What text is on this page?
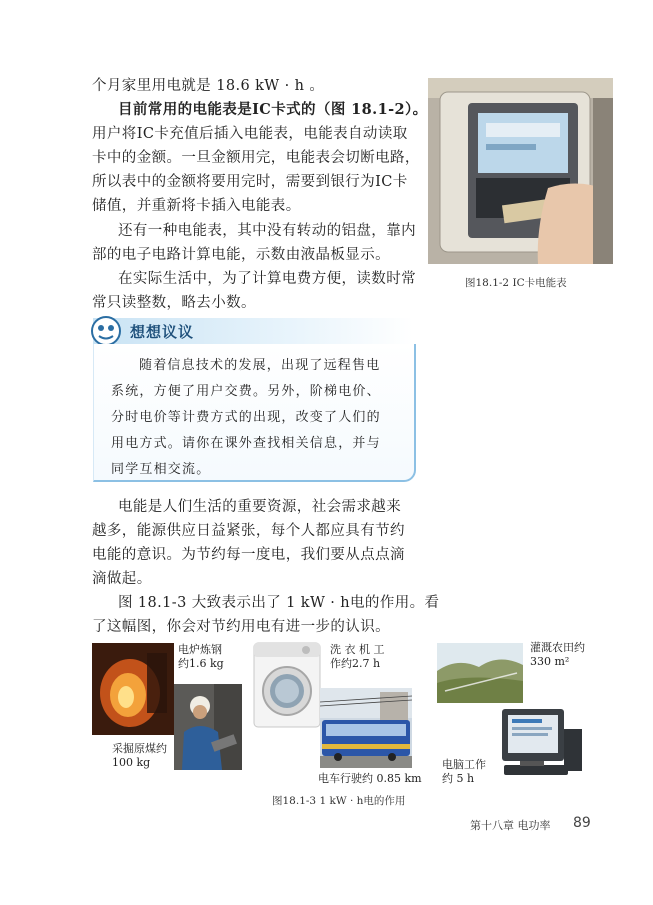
个月家里用电就是 18.6 kW · h 。
目前常用的电能表是IC卡式的（图 18.1-2）。
用户将IC卡充值后插入电能表，电能表自动读取
卡中的金额。一旦金额用完，电能表会切断电路，
所以表中的金额将要用完时，需要到银行为IC卡
储值，并重新将卡插入电能表。
还有一种电能表，其中没有转动的铝盘，靠内
部的电子电路计算电能，示数由液晶板显示。
在实际生活中，为了计算电费方便，读数时常
常只读整数，略去小数。
图18.1-2 IC卡电能表
想想议议
随着信息技术的发展，出现了远程售电
系统，方便了用户交费。另外，阶梯电价、
分时电价等计费方式的出现，改变了人们的
用电方式。请你在课外查找相关信息，并与
同学互相交流。
电能是人们生活的重要资源，社会需求越来
越多，能源供应日益紧张，每个人都应具有节约
电能的意识。为节约每一度电，我们要从点点滴
滴做起。
图 18.1-3 大致表示出了 1 kW · h电的作用。看
了这幅图，你会对节约用电有进一步的认识。
电炉炼钢
约1.6 kg
采掘原煤约
100 kg
洗 衣 机 工
作约2.7 h
电车行驶约 0.85 km
灌溉农田约
330 m²
电脑工作
约 5 h
图18.1-3 1 kW · h电的作用
第十八章 电功率 89
